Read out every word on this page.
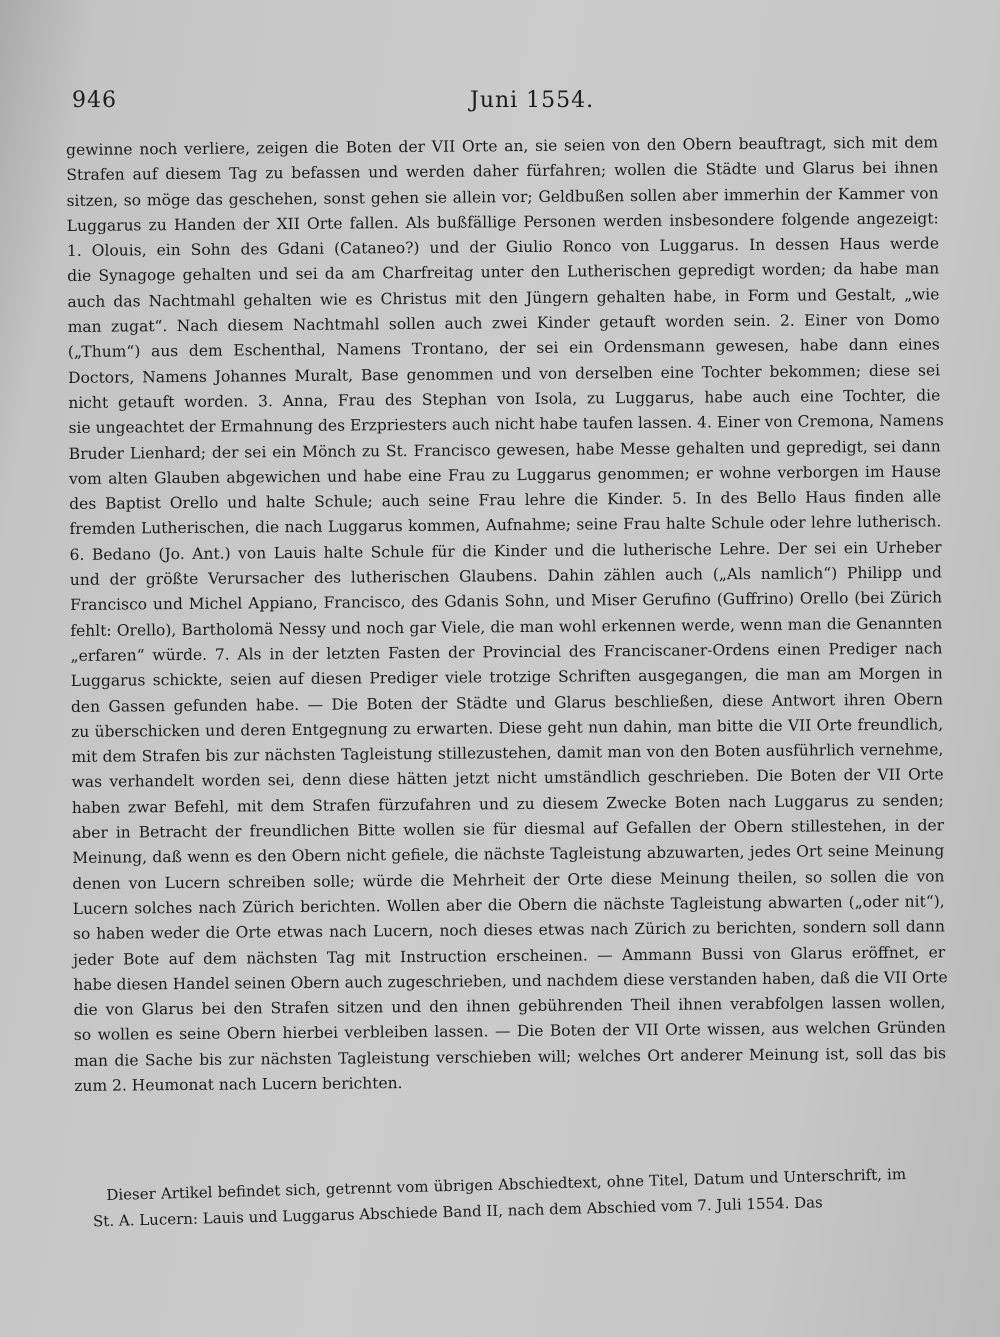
946	Juni 1554.
gewinne noch verliere, zeigen die Boten der VII Orte an, sie seien von den Obern beauftragt, sich mit dem
Strafen auf diesem Tag zu befassen und werden daher fürfahren; wollen die Städte und Glarus bei ihnen
sitzen, so möge das geschehen, sonst gehen sie allein vor; Geldbußen sollen aber immerhin der Kammer von
Luggarus zu Handen der XII Orte fallen. Als bußfällige Personen werden insbesondere folgende angezeigt:
1. Olouis, ein Sohn des Gdani (Cataneo?) und der Giulio Ronco von Luggarus. In dessen Haus werde
die Synagoge gehalten und sei da am Charfreitag unter den Lutherischen gepredigt worden; da habe man
auch das Nachtmahl gehalten wie es Christus mit den Jüngern gehalten habe, in Form und Gestalt, „wie
man zugat“. Nach diesem Nachtmahl sollen auch zwei Kinder getauft worden sein. 2. Einer von Domo
(„Thum“) aus dem Eschenthal, Namens Trontano, der sei ein Ordensmann gewesen, habe dann eines
Doctors, Namens Johannes Muralt, Base genommen und von derselben eine Tochter bekommen; diese sei
nicht getauft worden. 3. Anna, Frau des Stephan von Isola, zu Luggarus, habe auch eine Tochter, die
sie ungeachtet der Ermahnung des Erzpriesters auch nicht habe taufen lassen. 4. Einer von Cremona, Namens
Bruder Lienhard; der sei ein Mönch zu St. Francisco gewesen, habe Messe gehalten und gepredigt, sei dann
vom alten Glauben abgewichen und habe eine Frau zu Luggarus genommen; er wohne verborgen im Hause
des Baptist Orello und halte Schule; auch seine Frau lehre die Kinder. 5. In des Bello Haus finden alle
fremden Lutherischen, die nach Luggarus kommen, Aufnahme; seine Frau halte Schule oder lehre lutherisch.
6. Bedano (Jo. Ant.) von Lauis halte Schule für die Kinder und die lutherische Lehre. Der sei ein Urheber
und der größte Verursacher des lutherischen Glaubens. Dahin zählen auch („Als namlich“) Philipp und
Francisco und Michel Appiano, Francisco, des Gdanis Sohn, und Miser Gerufino (Guffrino) Orello (bei Zürich
fehlt: Orello), Bartholomä Nessy und noch gar Viele, die man wohl erkennen werde, wenn man die Genannten
„erfaren“ würde. 7. Als in der letzten Fasten der Provincial des Franciscaner-Ordens einen Prediger nach
Luggarus schickte, seien auf diesen Prediger viele trotzige Schriften ausgegangen, die man am Morgen in
den Gassen gefunden habe. — Die Boten der Städte und Glarus beschließen, diese Antwort ihren Obern
zu überschicken und deren Entgegnung zu erwarten. Diese geht nun dahin, man bitte die VII Orte freundlich,
mit dem Strafen bis zur nächsten Tagleistung stillezustehen, damit man von den Boten ausführlich vernehme,
was verhandelt worden sei, denn diese hätten jetzt nicht umständlich geschrieben. Die Boten der VII Orte
haben zwar Befehl, mit dem Strafen fürzufahren und zu diesem Zwecke Boten nach Luggarus zu senden;
aber in Betracht der freundlichen Bitte wollen sie für diesmal auf Gefallen der Obern stillestehen, in der
Meinung, daß wenn es den Obern nicht gefiele, die nächste Tagleistung abzuwarten, jedes Ort seine Meinung
denen von Lucern schreiben solle; würde die Mehrheit der Orte diese Meinung theilen, so sollen die von
Lucern solches nach Zürich berichten. Wollen aber die Obern die nächste Tagleistung abwarten („oder nit“),
so haben weder die Orte etwas nach Lucern, noch dieses etwas nach Zürich zu berichten, sondern soll dann
jeder Bote auf dem nächsten Tag mit Instruction erscheinen. — Ammann Bussi von Glarus eröffnet, er
habe diesen Handel seinen Obern auch zugeschrieben, und nachdem diese verstanden haben, daß die VII Orte
die von Glarus bei den Strafen sitzen und den ihnen gebührenden Theil ihnen verabfolgen lassen wollen,
so wollen es seine Obern hierbei verbleiben lassen. — Die Boten der VII Orte wissen, aus welchen Gründen
man die Sache bis zur nächsten Tagleistung verschieben will; welches Ort anderer Meinung ist, soll das bis
zum 2. Heumonat nach Lucern berichten.
Dieser Artikel befindet sich, getrennt vom übrigen Abschiedtext, ohne Titel, Datum und Unterschrift, im
St. A. Lucern: Lauis und Luggarus Abschiede Band II, nach dem Abschied vom 7. Juli 1554. Das
